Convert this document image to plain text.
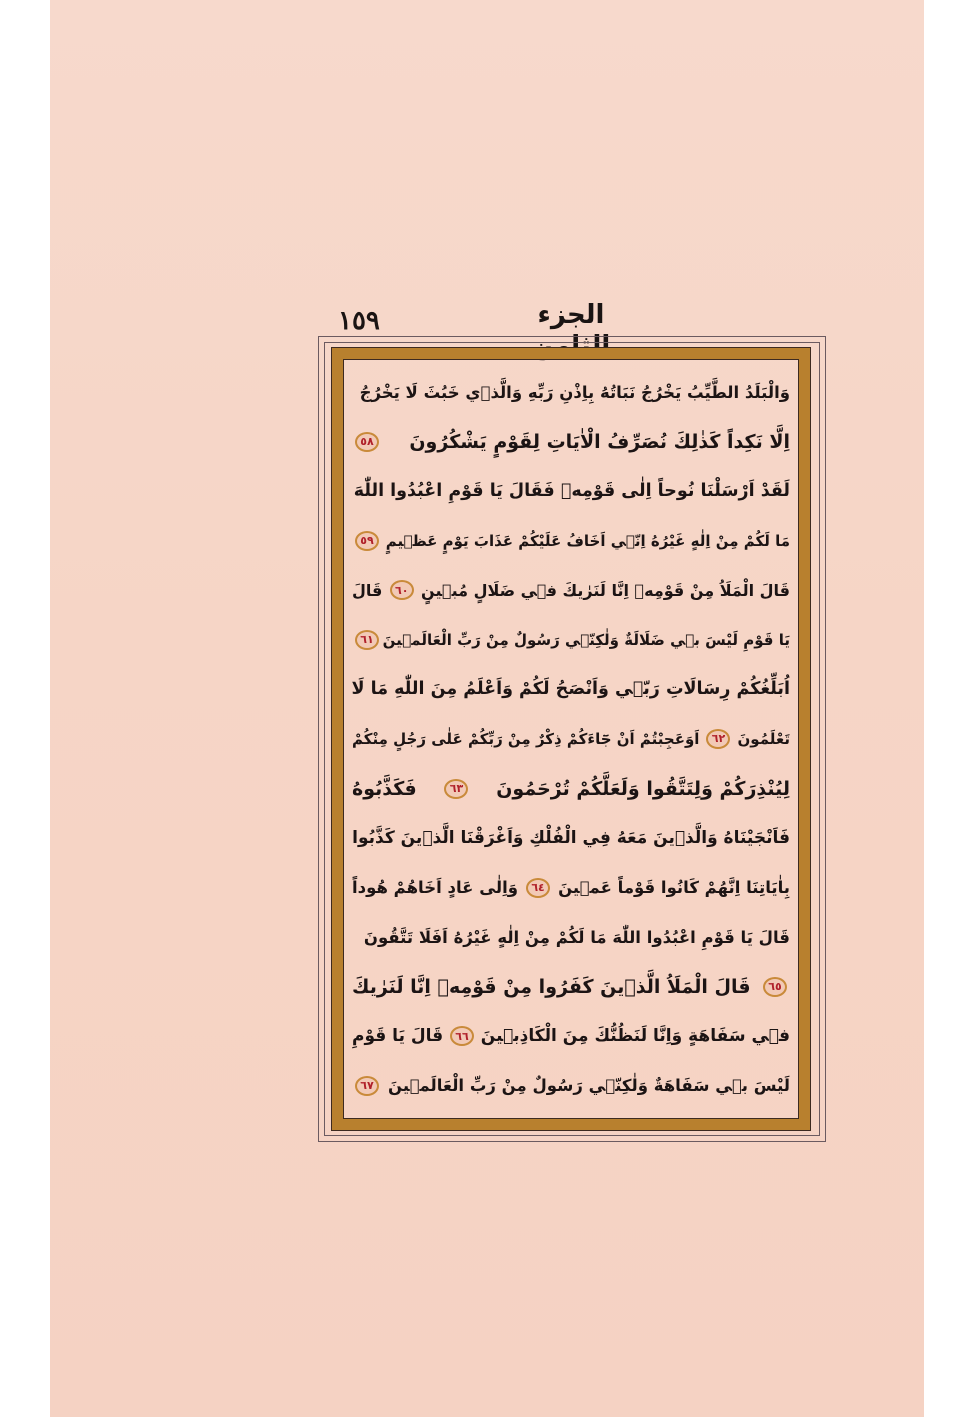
١٥٩	الجزء الثامن
وَالْبَلَدُ الطَّيِّبُ يَخْرُجُ نَبَاتُهُ بِاِذْنِ رَبِّهِ وَالَّذ۪ي خَبُثَ لَا يَخْرُجُ
اِلَّا نَكِداً كَذٰلِكَ نُصَرِّفُ الْاٰيَاتِ لِقَوْمٍ يَشْكُرُونَ
٥٨
لَقَدْ اَرْسَلْنَا نُوحاً اِلٰى قَوْمِه۪ فَقَالَ يَا قَوْمِ اعْبُدُوا اللّٰهَ
مَا لَكُمْ مِنْ اِلٰهٍ غَيْرُهُ اِنّ۪ي اَخَافُ عَلَيْكُمْ عَذَابَ يَوْمٍ عَظ۪يمٍ
٥٩
قَالَ الْمَلَاُ مِنْ قَوْمِه۪ اِنَّا لَنَرٰيكَ ف۪ي ضَلَالٍ مُب۪ينٍ
٦٠
قَالَ
يَا قَوْمِ لَيْسَ ب۪ي ضَلَالَةٌ وَلٰكِنّ۪ي رَسُولٌ مِنْ رَبِّ الْعَالَم۪ينَ
٦١
اُبَلِّغُكُمْ رِسَالَاتِ رَبّ۪ي وَاَنْصَحُ لَكُمْ وَاَعْلَمُ مِنَ اللّٰهِ مَا لَا
تَعْلَمُونَ
٦٢
اَوَعَجِبْتُمْ اَنْ جَٓاءَكُمْ ذِكْرٌ مِنْ رَبِّكُمْ عَلٰى رَجُلٍ مِنْكُمْ
لِيُنْذِرَكُمْ وَلِتَتَّقُوا وَلَعَلَّكُمْ تُرْحَمُونَ
٦٣
فَكَذَّبُوهُ
فَاَنْجَيْنَاهُ وَالَّذ۪ينَ مَعَهُ فِي الْفُلْكِ وَاَغْرَقْنَا الَّذ۪ينَ كَذَّبُوا
بِاٰيَاتِنَا اِنَّهُمْ كَانُوا قَوْماً عَم۪ينَ
٦٤
وَاِلٰى عَادٍ اَخَاهُمْ هُوداً
قَالَ يَا قَوْمِ اعْبُدُوا اللّٰهَ مَا لَكُمْ مِنْ اِلٰهٍ غَيْرُهُ اَفَلَا تَتَّقُونَ
٦٥
قَالَ الْمَلَاُ الَّذ۪ينَ كَفَرُوا مِنْ قَوْمِه۪ اِنَّا لَنَرٰيكَ
ف۪ي سَفَاهَةٍ وَاِنَّا لَنَظُنُّكَ مِنَ الْكَاذِب۪ينَ
٦٦
قَالَ يَا قَوْمِ
لَيْسَ ب۪ي سَفَاهَةٌ وَلٰكِنّ۪ي رَسُولٌ مِنْ رَبِّ الْعَالَم۪ينَ
٦٧
